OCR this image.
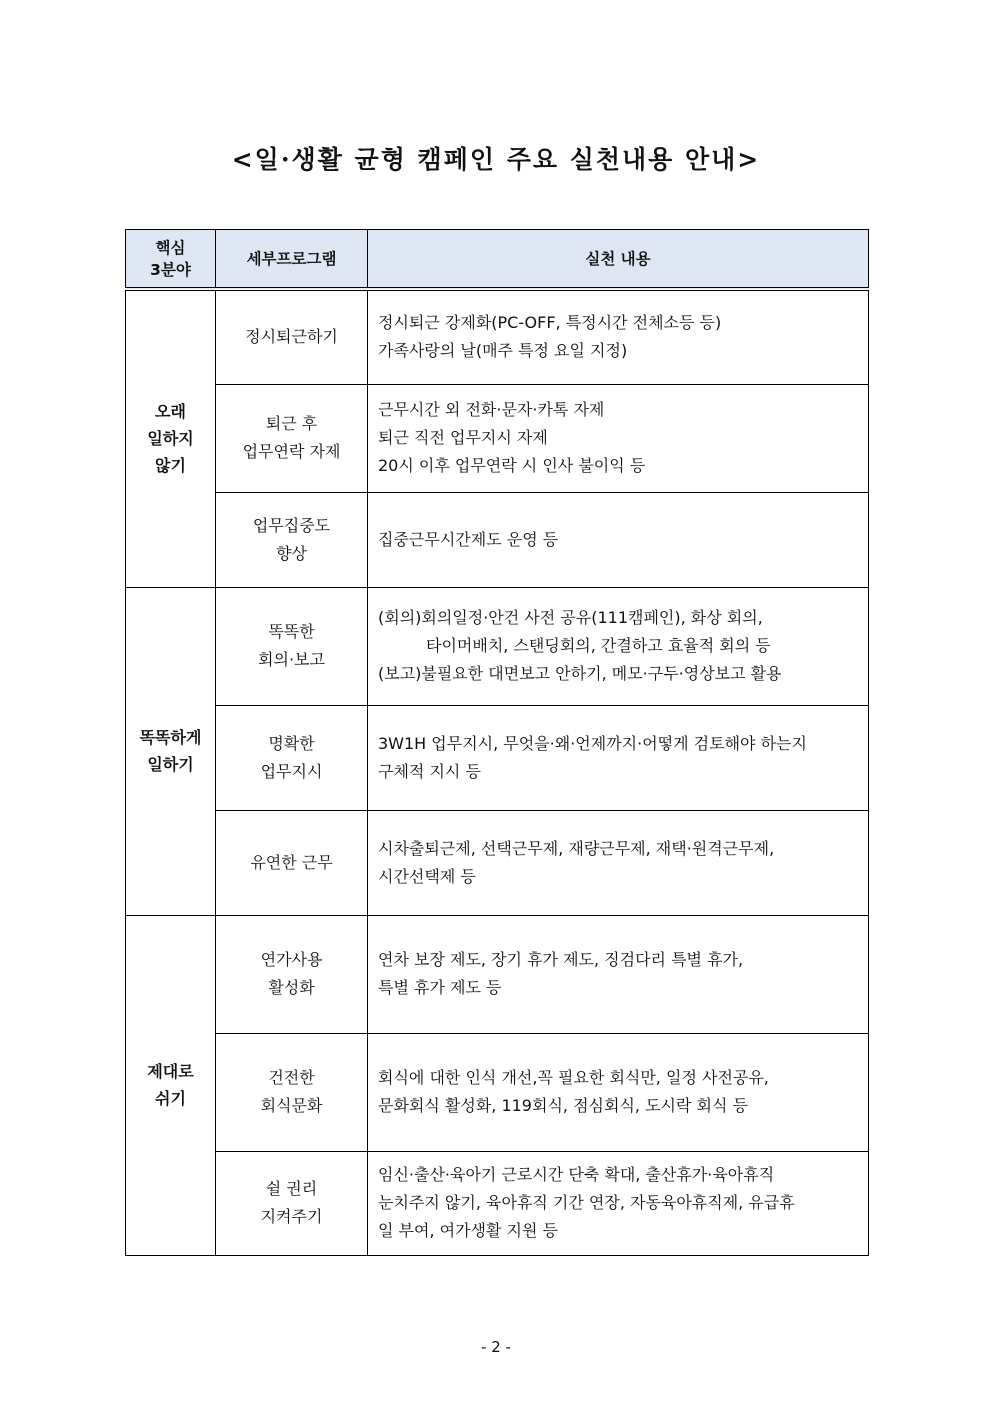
<일·생활 균형 캠페인 주요 실천내용 안내>
핵심
3분야	세부프로그램	실천 내용

오래
일하지
않기	정시퇴근하기	정시퇴근 강제화(PC-OFF, 특정시간 전체소등 등)
가족사랑의 날(매주 특정 요일 지정)

	퇴근 후
업무연락 자제	근무시간 외 전화·문자·카톡 자제
퇴근 직전 업무지시 자제
20시 이후 업무연락 시 인사 불이익 등

	업무집중도
향상	집중근무시간제도 운영 등

똑똑하게
일하기	똑똑한
회의·보고	(회의)회의일정·안건 사전 공유(111캠페인), 화상 회의,
타이머배치, 스탠딩회의, 간결하고 효율적 회의 등
(보고)불필요한 대면보고 안하기, 메모·구두·영상보고 활용

	명확한
업무지시	3W1H 업무지시, 무엇을·왜·언제까지·어떻게 검토해야 하는지
구체적 지시 등

	유연한 근무	시차출퇴근제, 선택근무제, 재량근무제, 재택·원격근무제,
시간선택제 등

제대로
쉬기	연가사용
활성화	연차 보장 제도, 장기 휴가 제도, 징검다리 특별 휴가,
특별 휴가 제도 등

	건전한
회식문화	회식에 대한 인식 개선,꼭 필요한 회식만, 일정 사전공유,
문화회식 활성화, 119회식, 점심회식, 도시락 회식 등

	쉴 권리
지켜주기	임신·출산·육아기 근로시간 단축 확대, 출산휴가·육아휴직
눈치주지 않기, 육아휴직 기간 연장, 자동육아휴직제, 유급휴
일 부여, 여가생활 지원 등
- 2 -
